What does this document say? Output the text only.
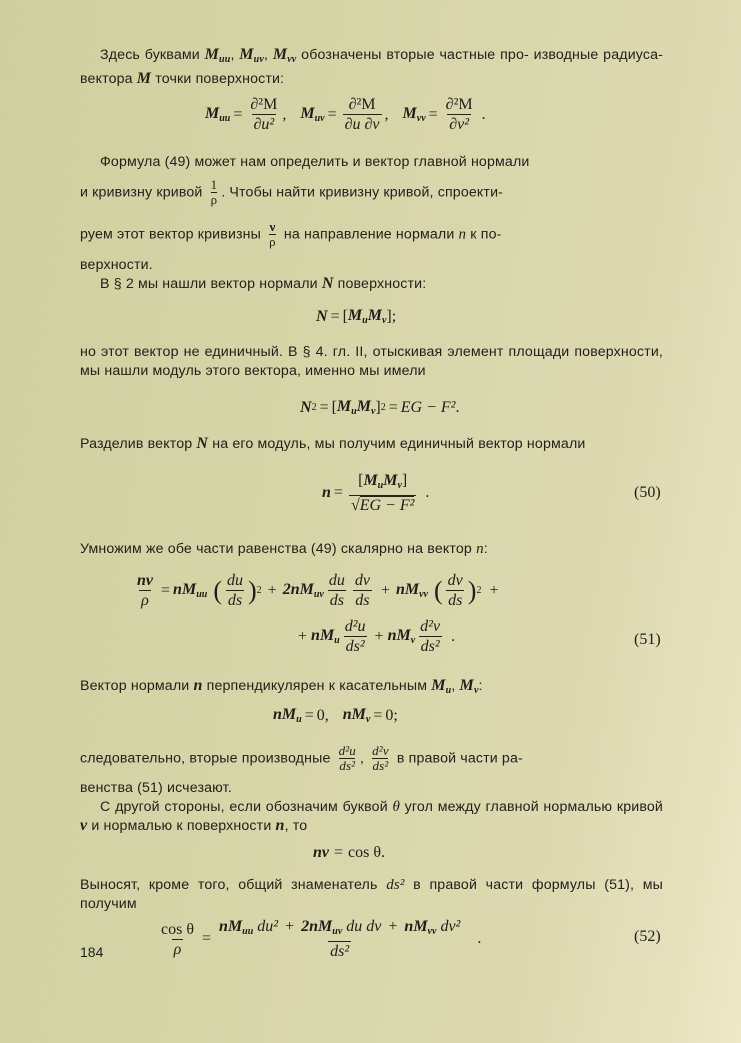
Здесь буквами $M_{uu}$, $M_{uv}$, $M_{vv}$ обозначены вторые частные про- изводные радиуса-вектора M точки поверхности:
$M_{uu} = \frac{\text{∂²M}}{\text{∂u²}}$ , $M_{uv} = \frac{\text{∂²M}}{\partial u \partial v}$ , $M_{vv} = \frac{\text{∂²M}}{\text{∂v²}}$ .
Формула (49) может нам определить и вектор главной нормали
и кривизну кривой $\frac{1}{\rho}$ . Чтобы найти кривизну кривой, спроекти-
руем этот вектор кривизны $\frac{\nu}{\rho}$ на направление нормали n к по-
верхности.
В § 2 мы нашли вектор нормали N поверхности:
N = [ $M_u$ $M_v$ ] ;
но этот вектор не единичный. В § 4. гл. II, отыскивая элемент площади поверхности, мы нашли модуль этого вектора, именно мы имели
N 2 = [ $M_u$ $M_v$ ] 2 = EG − F² .
Разделив вектор N на его модуль, мы получим единичный вектор нормали
$n = \frac{[M_uM_v]}{\text{√EG − F²}}$ .	(50)
Умножим же обе части равенства (49) скалярно на вектор n:
$\frac{n\nu}{\rho} = nM_{uu}$ ( $\frac{du}{ds}$ ) $2 + 2nM_{uv} \frac{du}{ds} \frac{dv}{ds} + nM_{vv}$ ( $\frac{dv}{ds}$ ) 2 +
+ $nM_u \frac{\text{d²u}}{\text{ds²}} + nM_v \frac{\text{d²v}}{\text{ds²}}$ .	(51)
Вектор нормали n перпендикулярен к касательным $M_u$, $M_v$:
$nM_u = 0$ , $nM_v = 0$ ;
следовательно, вторые производные $\frac{\text{d²u}}{\text{ds²}}$ , $\frac{\text{d²v}}{\text{ds²}}$ в правой части ра-
венства (51) исчезают.
С другой стороны, если обозначим буквой θ угол между главной нормалью кривой ν и нормалью к поверхности n, то
nν = cos θ .
Выносят, кроме того, общий знаменатель ds² в правой части формулы (51), мы получим
$\frac{\text{cos θ}}{\rho}$ =
$nM_{uu}$ $du^2 + 2nM_{uv}$ du dv + $nM_{vv}$ dv²
ds²
.	(52)
184
